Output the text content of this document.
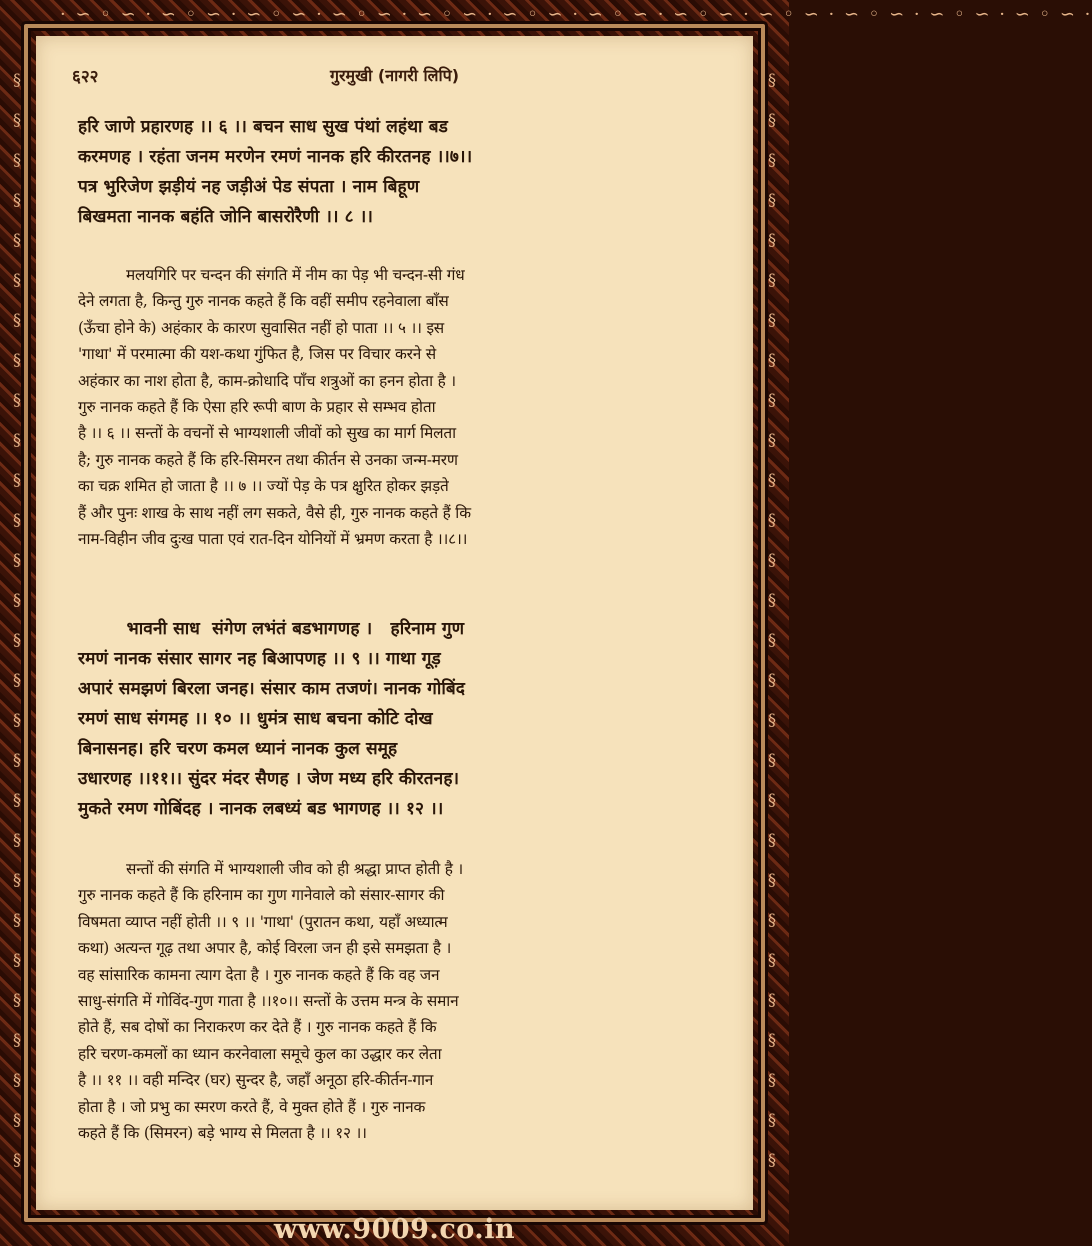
· ∽ ◦ ∽ · ∽ ◦ ∽ · ∽ ◦ ∽ · ∽ ◦ ∽ · ∽ ◦ ∽ · ∽ ◦ ∽ · ∽ ◦ ∽ · ∽ ◦ ∽ · ∽ ◦ ∽ · ∽ ◦ ∽ · ∽ ◦ ∽ · ∽ ◦ ∽ ·
§
§
§
§
§
§
§
§
§
§
§
§
§
§
§
§
§
§
§
§
§
§
§
§
§
§
§
§
§
§
§
§
§
§
§
§
§
§
§
§
§
§
§
§
§
§
§
§
§
§
§
§
§
§
§
§
६२२	गुरमुखी (नागरी लिपि)
हरि जाणे प्रहारणह ।। ६ ।। बचन साध सुख पंथां लहंथा बड
करमणह । रहंता जनम मरणेन रमणं नानक हरि कीरतनह ।।७।।
पत्र भुरिजेण झड़ीयं नह जड़ीअं पेड संपता । नाम बिहूण
बिखमता नानक बहंति जोनि बासरोरैणी ।। ८ ।।
मलयगिरि पर चन्दन की संगति में नीम का पेड़ भी चन्दन-सी गंध
देने लगता है, किन्तु गुरु नानक कहते हैं कि वहीं समीप रहनेवाला बाँस
(ऊँचा होने के) अहंकार के कारण सुवासित नहीं हो पाता ।। ५ ।। इस
'गाथा' में परमात्मा की यश-कथा गुंफित है, जिस पर विचार करने से
अहंकार का नाश होता है, काम-क्रोधादि पाँच शत्रुओं का हनन होता है ।
गुरु नानक कहते हैं कि ऐसा हरि रूपी बाण के प्रहार से सम्भव होता
है ।। ६ ।। सन्तों के वचनों से भाग्यशाली जीवों को सुख का मार्ग मिलता
है; गुरु नानक कहते हैं कि हरि-सिमरन तथा कीर्तन से उनका जन्म-मरण
का चक्र शमित हो जाता है ।। ७ ।। ज्यों पेड़ के पत्र क्षुरित होकर झड़ते
हैं और पुनः शाख के साथ नहीं लग सकते, वैसे ही, गुरु नानक कहते हैं कि
नाम-विहीन जीव दुःख पाता एवं रात-दिन योनियों में भ्रमण करता है ।।८।।
भावनी साध  संगेण लभंतं बडभागणह ।   हरिनाम गुण
रमणं नानक संसार सागर नह बिआपणह ।। ९ ।। गाथा गूड़
अपारं समझणं बिरला जनह। संसार काम तजणं। नानक गोबिंद
रमणं साध संगमह ।। १० ।। धुमंत्र साध बचना कोटि दोख
बिनासनह। हरि चरण कमल ध्यानं नानक कुल समूह
उधारणह ।।११।। सुंदर मंदर सैणह । जेण मध्य हरि कीरतनह।
मुकते रमण गोबिंदह । नानक लबध्यं बड भागणह ।। १२ ।।
सन्तों की संगति में भाग्यशाली जीव को ही श्रद्धा प्राप्त होती है ।
गुरु नानक कहते हैं कि हरिनाम का गुण गानेवाले को संसार-सागर की
विषमता व्याप्त नहीं होती ।। ९ ।। 'गाथा' (पुरातन कथा, यहाँ अध्यात्म
कथा) अत्यन्त गूढ़ तथा अपार है, कोई विरला जन ही इसे समझता है ।
वह सांसारिक कामना त्याग देता है । गुरु नानक कहते हैं कि वह जन
साधु-संगति में गोविंद-गुण गाता है ।।१०।। सन्तों के उत्तम मन्त्र के समान
होते हैं, सब दोषों का निराकरण कर देते हैं । गुरु नानक कहते हैं कि
हरि चरण-कमलों का ध्यान करनेवाला समूचे कुल का उद्धार कर लेता
है ।। ११ ।। वही मन्दिर (घर) सुन्दर है, जहाँ अनूठा हरि-कीर्तन-गान
होता है । जो प्रभु का स्मरण करते हैं, वे मुक्त होते हैं । गुरु नानक
कहते हैं कि (सिमरन) बड़े भाग्य से मिलता है ।। १२ ।।
www.9009.co.in
